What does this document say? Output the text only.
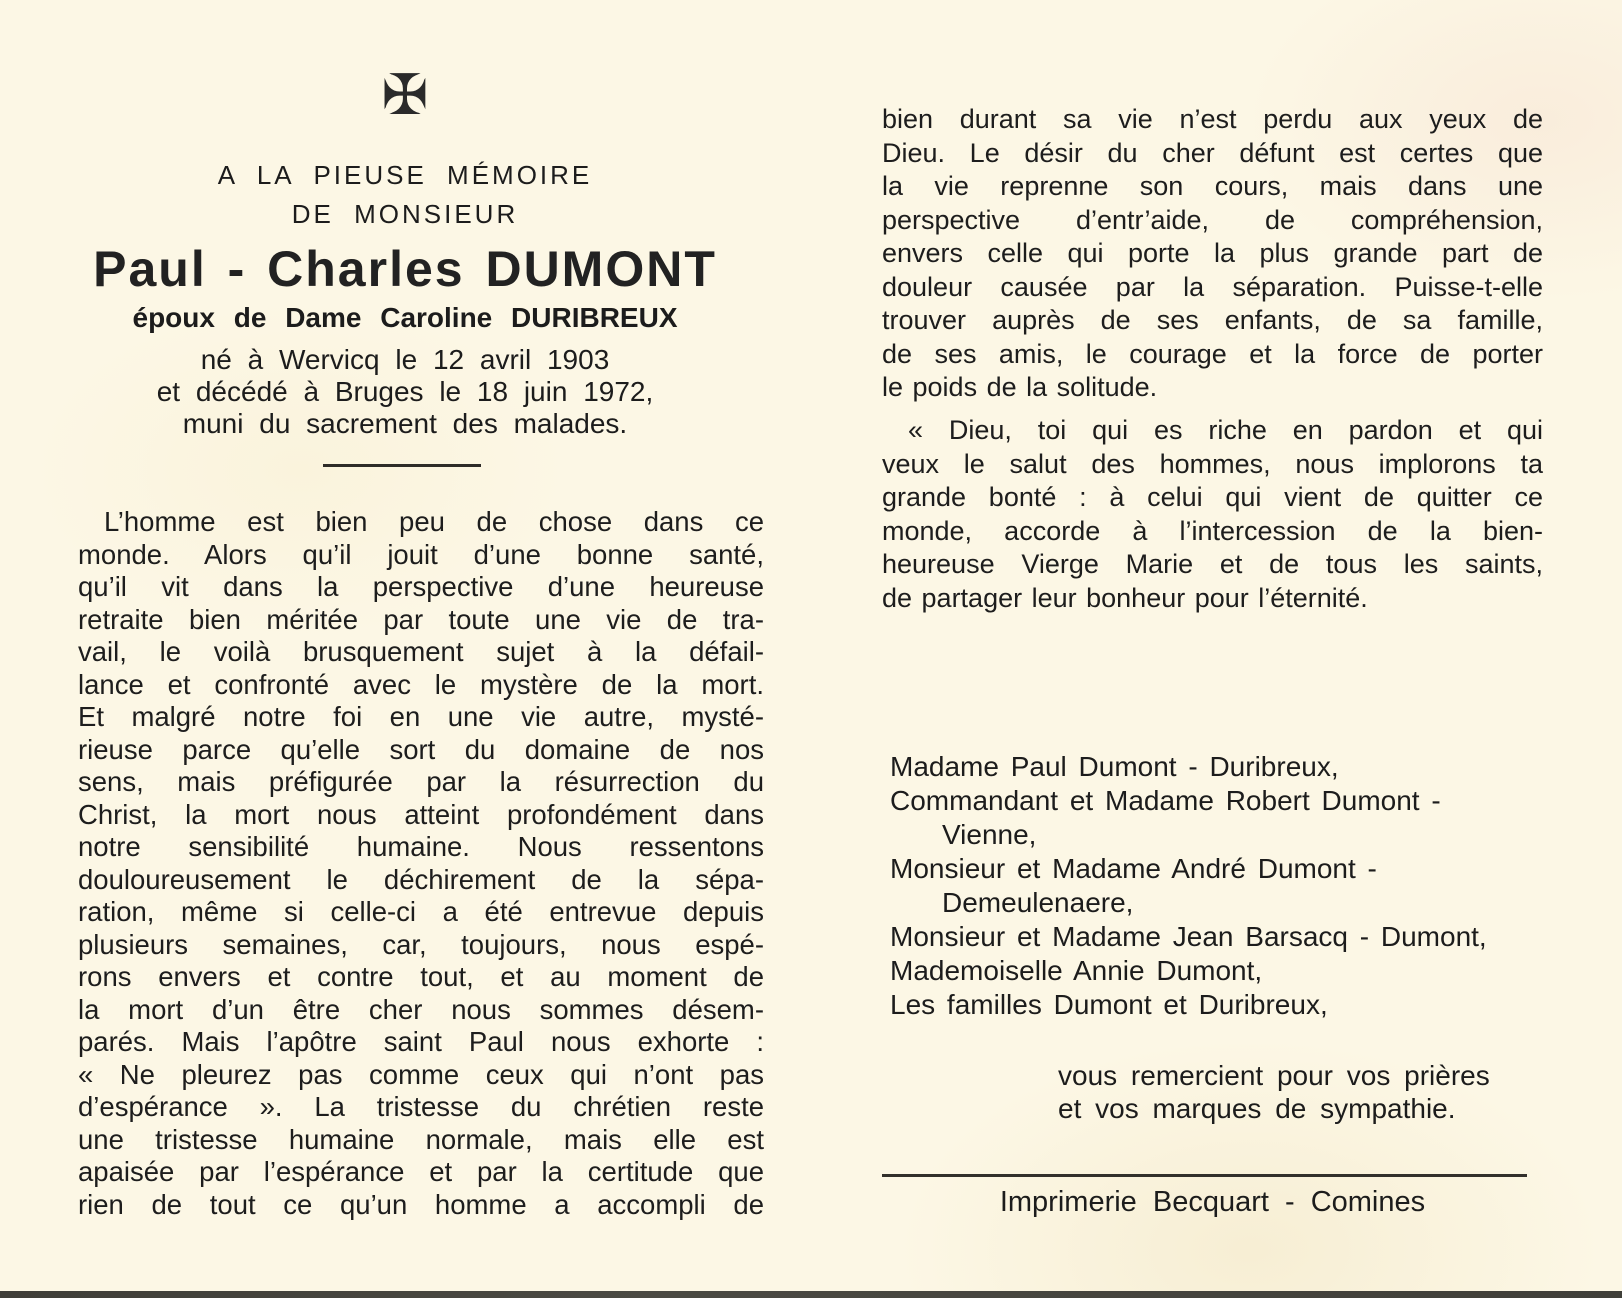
✠
A LA PIEUSE MÉMOIRE
DE MONSIEUR
Paul - Charles DUMONT
époux de Dame Caroline DURIBREUX
né à Wervicq le 12 avril 1903
et décédé à Bruges le 18 juin 1972,
muni du sacrement des malades.
L’homme est bien peu de chose dans ce
monde. Alors qu’il jouit d’une bonne santé,
qu’il vit dans la perspective d’une heureuse
retraite bien méritée par toute une vie de tra-
vail, le voilà brusquement sujet à la défail-
lance et confronté avec le mystère de la mort.
Et malgré notre foi en une vie autre, mysté-
rieuse parce qu’elle sort du domaine de nos
sens, mais préfigurée par la résurrection du
Christ, la mort nous atteint profondément dans
notre sensibilité humaine. Nous ressentons
douloureusement le déchirement de la sépa-
ration, même si celle-ci a été entrevue depuis
plusieurs semaines, car, toujours, nous espé-
rons envers et contre tout, et au moment de
la mort d’un être cher nous sommes désem-
parés. Mais l’apôtre saint Paul nous exhorte :
« Ne pleurez pas comme ceux qui n’ont pas
d’espérance ». La tristesse du chrétien reste
une tristesse humaine normale, mais elle est
apaisée par l’espérance et par la certitude que
rien de tout ce qu’un homme a accompli de
bien durant sa vie n’est perdu aux yeux de
Dieu. Le désir du cher défunt est certes que
la vie reprenne son cours, mais dans une
perspective d’entr’aide, de compréhension,
envers celle qui porte la plus grande part de
douleur causée par la séparation. Puisse-t-elle
trouver auprès de ses enfants, de sa famille,
de ses amis, le courage et la force de porter
le poids de la solitude.
« Dieu, toi qui es riche en pardon et qui
veux le salut des hommes, nous implorons ta
grande bonté : à celui qui vient de quitter ce
monde, accorde à l’intercession de la bien-
heureuse Vierge Marie et de tous les saints,
de partager leur bonheur pour l’éternité.
Madame Paul Dumont - Duribreux,
Commandant et Madame Robert Dumont -
Vienne,
Monsieur et Madame André Dumont -
Demeulenaere,
Monsieur et Madame Jean Barsacq - Dumont,
Mademoiselle Annie Dumont,
Les familles Dumont et Duribreux,
vous remercient pour vos prières
et vos marques de sympathie.
Imprimerie Becquart - Comines
